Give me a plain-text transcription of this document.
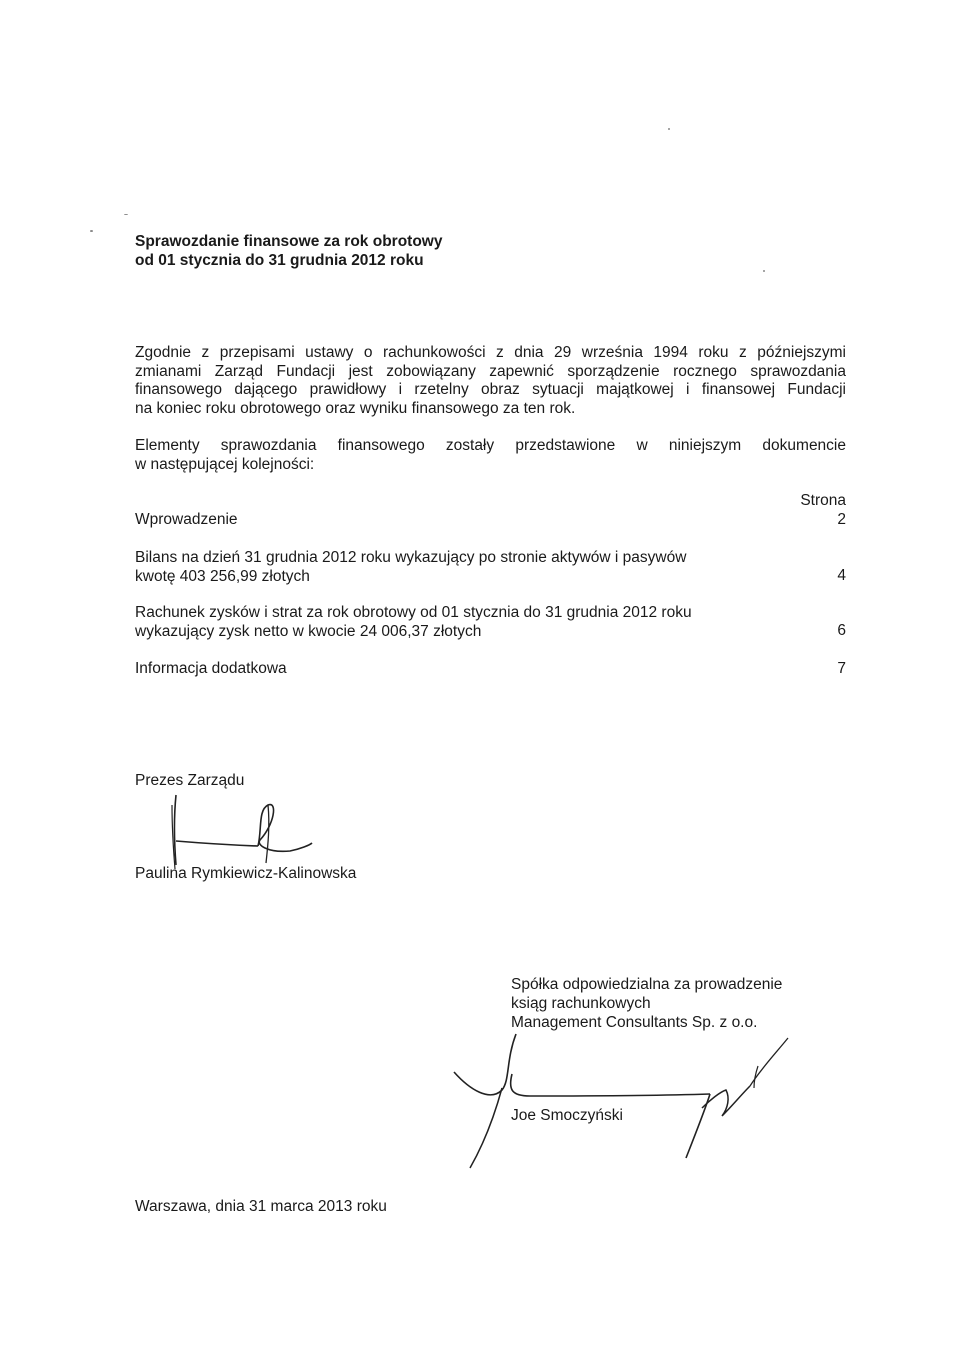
Sprawozdanie finansowe za rok obrotowy
od 01 stycznia do 31 grudnia 2012 roku
Zgodnie z przepisami ustawy o rachunkowości z dnia 29 września 1994 roku z późniejszymi
zmianami Zarząd Fundacji jest zobowiązany zapewnić sporządzenie rocznego sprawozdania
finansowego dającego prawidłowy i rzetelny obraz sytuacji majątkowej i finansowej Fundacji
na koniec roku obrotowego oraz wyniku finansowego za ten rok.
Elementy sprawozdania finansowego zostały przedstawione w niniejszym dokumencie
w następującej kolejności:
Strona
Wprowadzenie	2
Bilans na dzień 31 grudnia 2012 roku wykazujący po stronie aktywów i pasywów
kwotę 403 256,99 złotych	4
Rachunek zysków i strat za rok obrotowy od 01 stycznia do 31 grudnia 2012 roku
wykazujący zysk netto w kwocie 24 006,37 złotych	6
Informacja dodatkowa	7
Prezes Zarządu
Paulina Rymkiewicz-Kalinowska
Spółka odpowiedzialna za prowadzenie
ksiąg rachunkowych
Management Consultants Sp. z o.o.
Joe Smoczyński
Warszawa, dnia 31 marca 2013 roku
